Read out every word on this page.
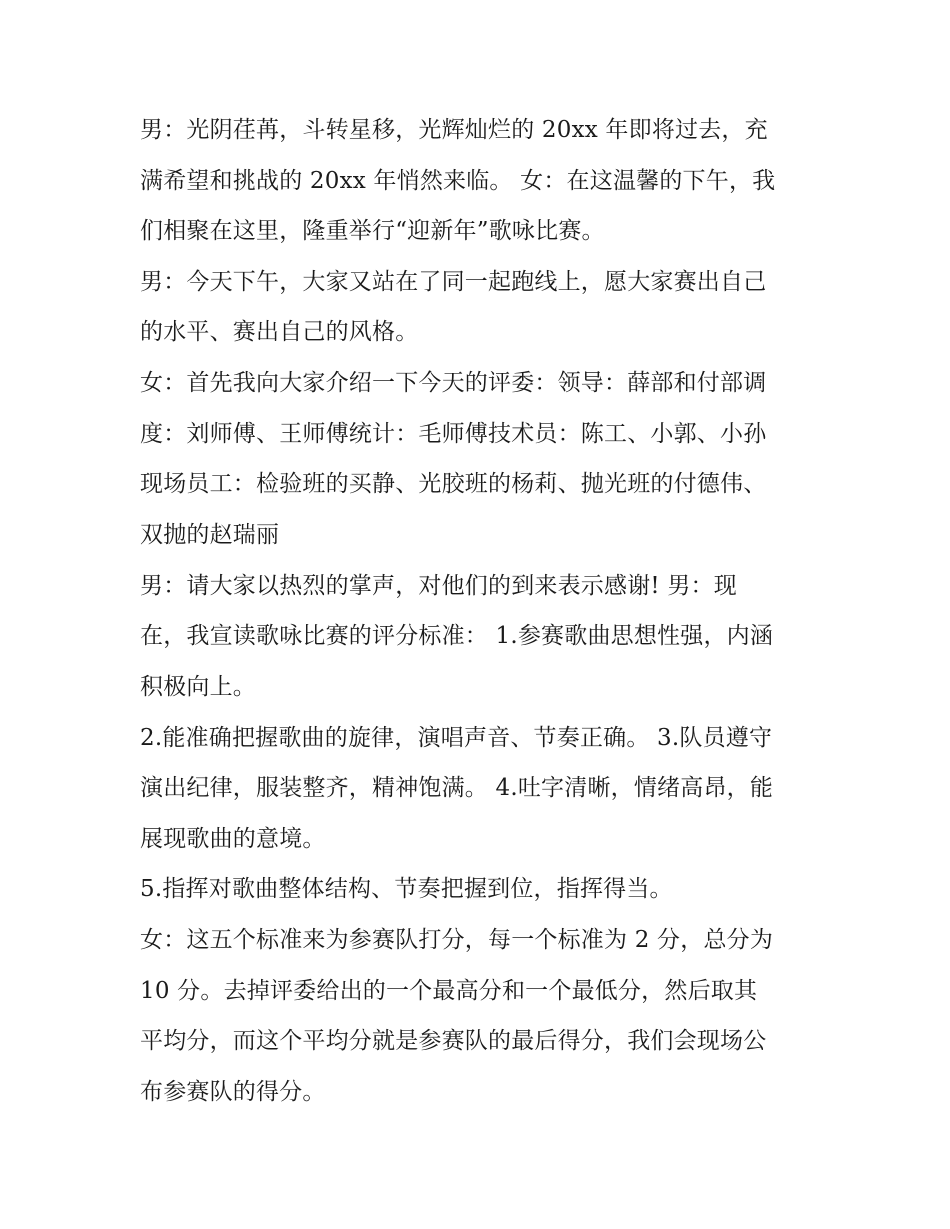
男：光阴荏苒，斗转星移，光辉灿烂的 20xx 年即将过去，充
满希望和挑战的 20xx 年悄然来临。 女：在这温馨的下午，我
们相聚在这里，隆重举行“迎新年”歌咏比赛。
男：今天下午，大家又站在了同一起跑线上，愿大家赛出自己
的水平、赛出自己的风格。
女：首先我向大家介绍一下今天的评委：领导：薛部和付部调
度：刘师傅、王师傅统计：毛师傅技术员：陈工、小郭、小孙
现场员工：检验班的买静、光胶班的杨莉、抛光班的付德伟、
双抛的赵瑞丽
男：请大家以热烈的掌声，对他们的到来表示感谢! 男：现
在，我宣读歌咏比赛的评分标准： 1.参赛歌曲思想性强，内涵
积极向上。
2.能准确把握歌曲的旋律，演唱声音、节奏正确。 3.队员遵守
演出纪律，服装整齐，精神饱满。 4.吐字清晰，情绪高昂，能
展现歌曲的意境。
5.指挥对歌曲整体结构、节奏把握到位，指挥得当。
女：这五个标准来为参赛队打分，每一个标准为 2 分，总分为
10 分。去掉评委给出的一个最高分和一个最低分，然后取其
平均分，而这个平均分就是参赛队的最后得分，我们会现场公
布参赛队的得分。
